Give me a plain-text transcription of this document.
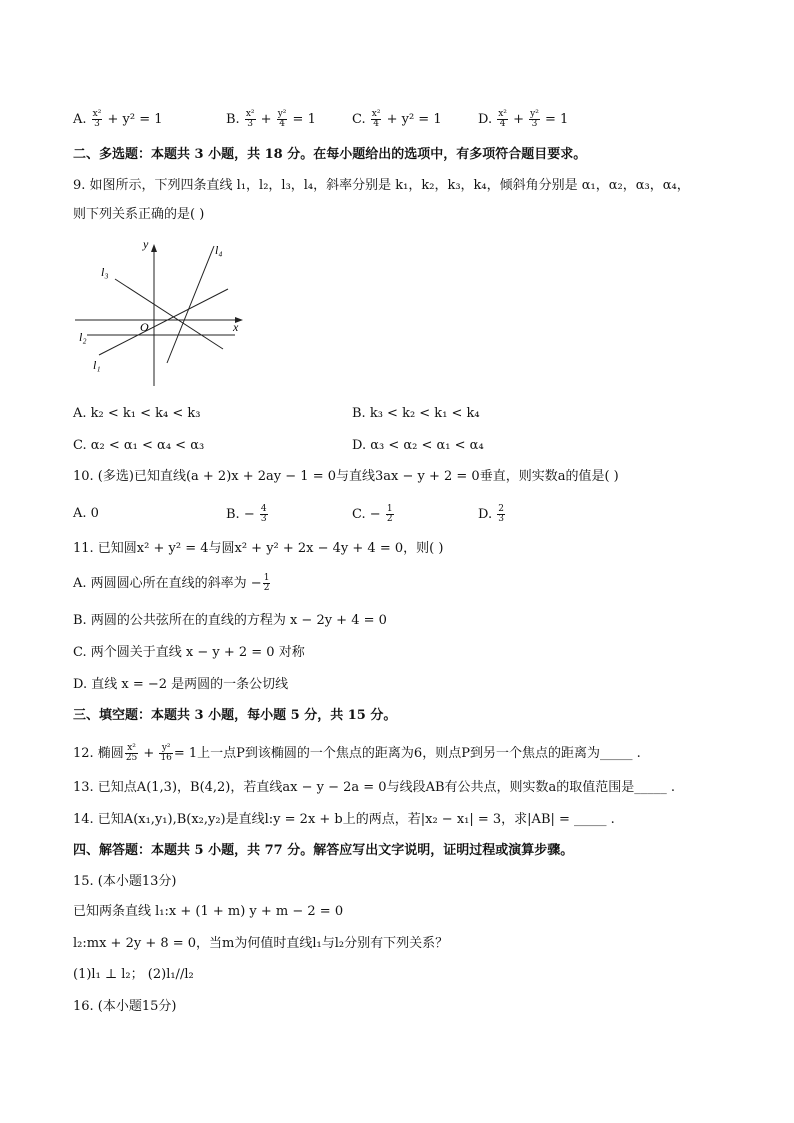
A. $\frac{\text{x²}}{3} + y^2 = 1$	B. $\frac{\text{x²}}{3} + \frac{\text{y²}}{4} = 1$	C. $\frac{\text{x²}}{4} + y^2 = 1$	D. $\frac{\text{x²}}{4} + \frac{\text{y²}}{3} = 1$
二、多选题：本题共 3 小题，共 18 分。在每小题给出的选项中，有多项符合题目要求。
9. 如图所示，下列四条直线 l₁，l₂，l₃，l₄，斜率分别是 k₁，k₂，k₃，k₄，倾斜角分别是 α₁，α₂，α₃，α₄，
则下列关系正确的是( )
y
x
O
l₃
l₄
l₂
l₁
A. k₂ < k₁ < k₄ < k₃	B. k₃ < k₂ < k₁ < k₄
C. α₂ < α₁ < α₄ < α₃	D. α₃ < α₂ < α₁ < α₄
10. (多选)已知直线(a + 2)x + 2ay − 1 = 0与直线3ax − y + 2 = 0垂直，则实数a的值是( )
A. 0	B. − $\frac{4}{3}$	C. − $\frac{1}{2}$	D. $\frac{2}{3}$
11. 已知圆x² + y² = 4与圆x² + y² + 2x − 4y + 4 = 0，则( )
A. 两圆圆心所在直线的斜率为 − $\frac{1}{2}$
B. 两圆的公共弦所在的直线的方程为 x − 2y + 4 = 0
C. 两个圆关于直线 x − y + 2 = 0 对称
D. 直线 x = −2 是两圆的一条公切线
三、填空题：本题共 3 小题，每小题 5 分，共 15 分。
12. 椭圆 $\frac{\text{x²}}{25} + \frac{\text{y²}}{16} = 1$上一点P到该椭圆的一个焦点的距离为6，则点P到另一个焦点的距离为_____ .
13. 已知点A(1,3)，B(4,2)，若直线ax − y − 2a = 0与线段AB有公共点，则实数a的取值范围是_____ .
14. 已知A(x₁,y₁),B(x₂,y₂)是直线l:y = 2x + b上的两点，若|x₂ − x₁| = 3，求|AB| = _____ .
四、解答题：本题共 5 小题，共 77 分。解答应写出文字说明，证明过程或演算步骤。
15. (本小题13分)
已知两条直线 l₁:x + (1 + m) y + m − 2 = 0
l₂:mx + 2y + 8 = 0，当m为何值时直线l₁与l₂分别有下列关系？
(1)l₁ ⊥ l₂； (2)l₁//l₂
16. (本小题15分)
